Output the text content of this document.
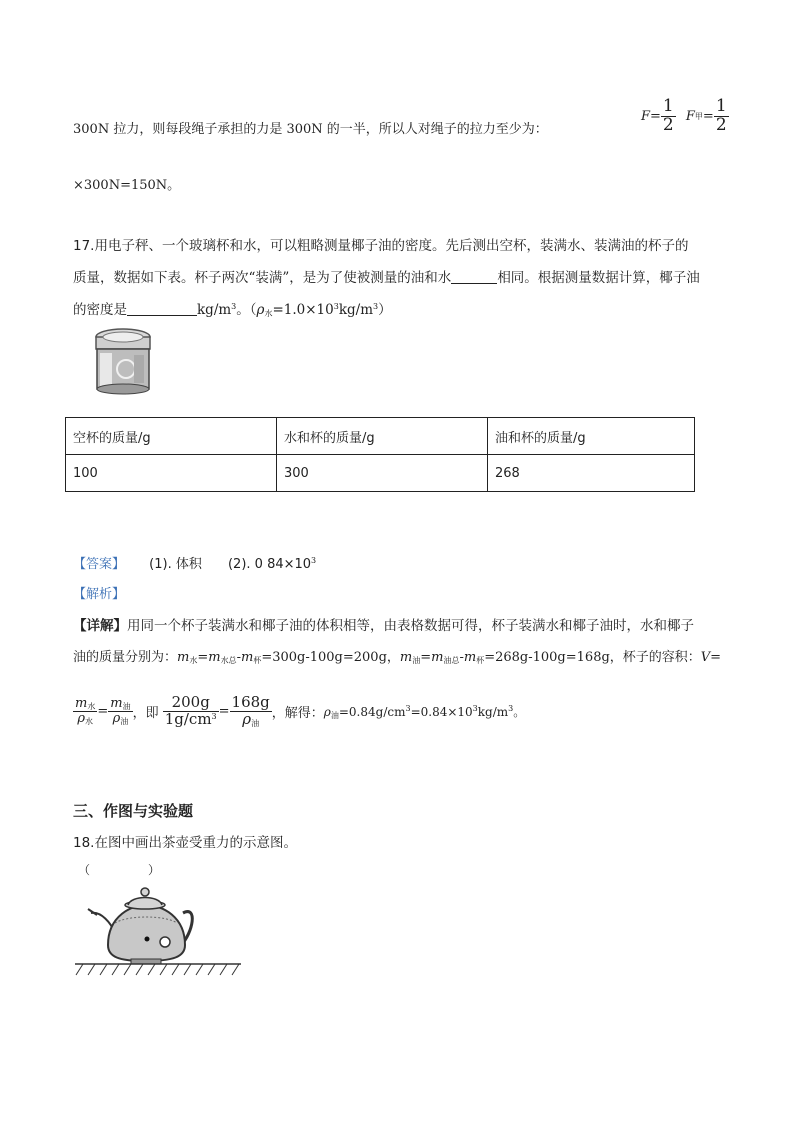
300N 拉力，则每段绳子承担的力是 300N 的一半，所以人对绳子的拉力至少为：
$F= \frac{1}{2}$ F甲= $\frac{1}{2}$
×300N=150N。
17.用电子秤、一个玻璃杯和水，可以粗略测量椰子油的密度。先后测出空杯，装满水、装满油的杯子的
质量，数据如下表。杯子两次“装满”，是为了使被测量的油和水	相同。根据测量数据计算，椰子油
的密度是	$kg/m^3$。$(\rho_水=1.0\times 10^3kg/m^3)$
空杯的质量/g	水和杯的质量/g	油和杯的质量/g
100	300	268
【答案】 (1). 体积 (2). 0 $84\times 10^3$
【解析】
【详解】用同一个杯子装满水和椰子油的体积相等，由表格数据可得，杯子装满水和椰子油时，水和椰子
油的质量分别为：$m_水=m_{水总}-m_杯=300g-100g=200g$，$m_油=m_{油总}-m_杯=268g-100g=168g$，杯子的容积：V=
$\frac{m_水}{\rho_水} = \frac{m_油}{\rho_油}$ ，即 $\frac{200g}{1g/cm^3} = \frac{168g}{\rho_油}$ ，解得：$\rho_油=0.84g/cm^3=0.84\times 10^3kg/m^3$。
三、作图与实验题
18.在图中画出茶壶受重力的示意图。
（	）
